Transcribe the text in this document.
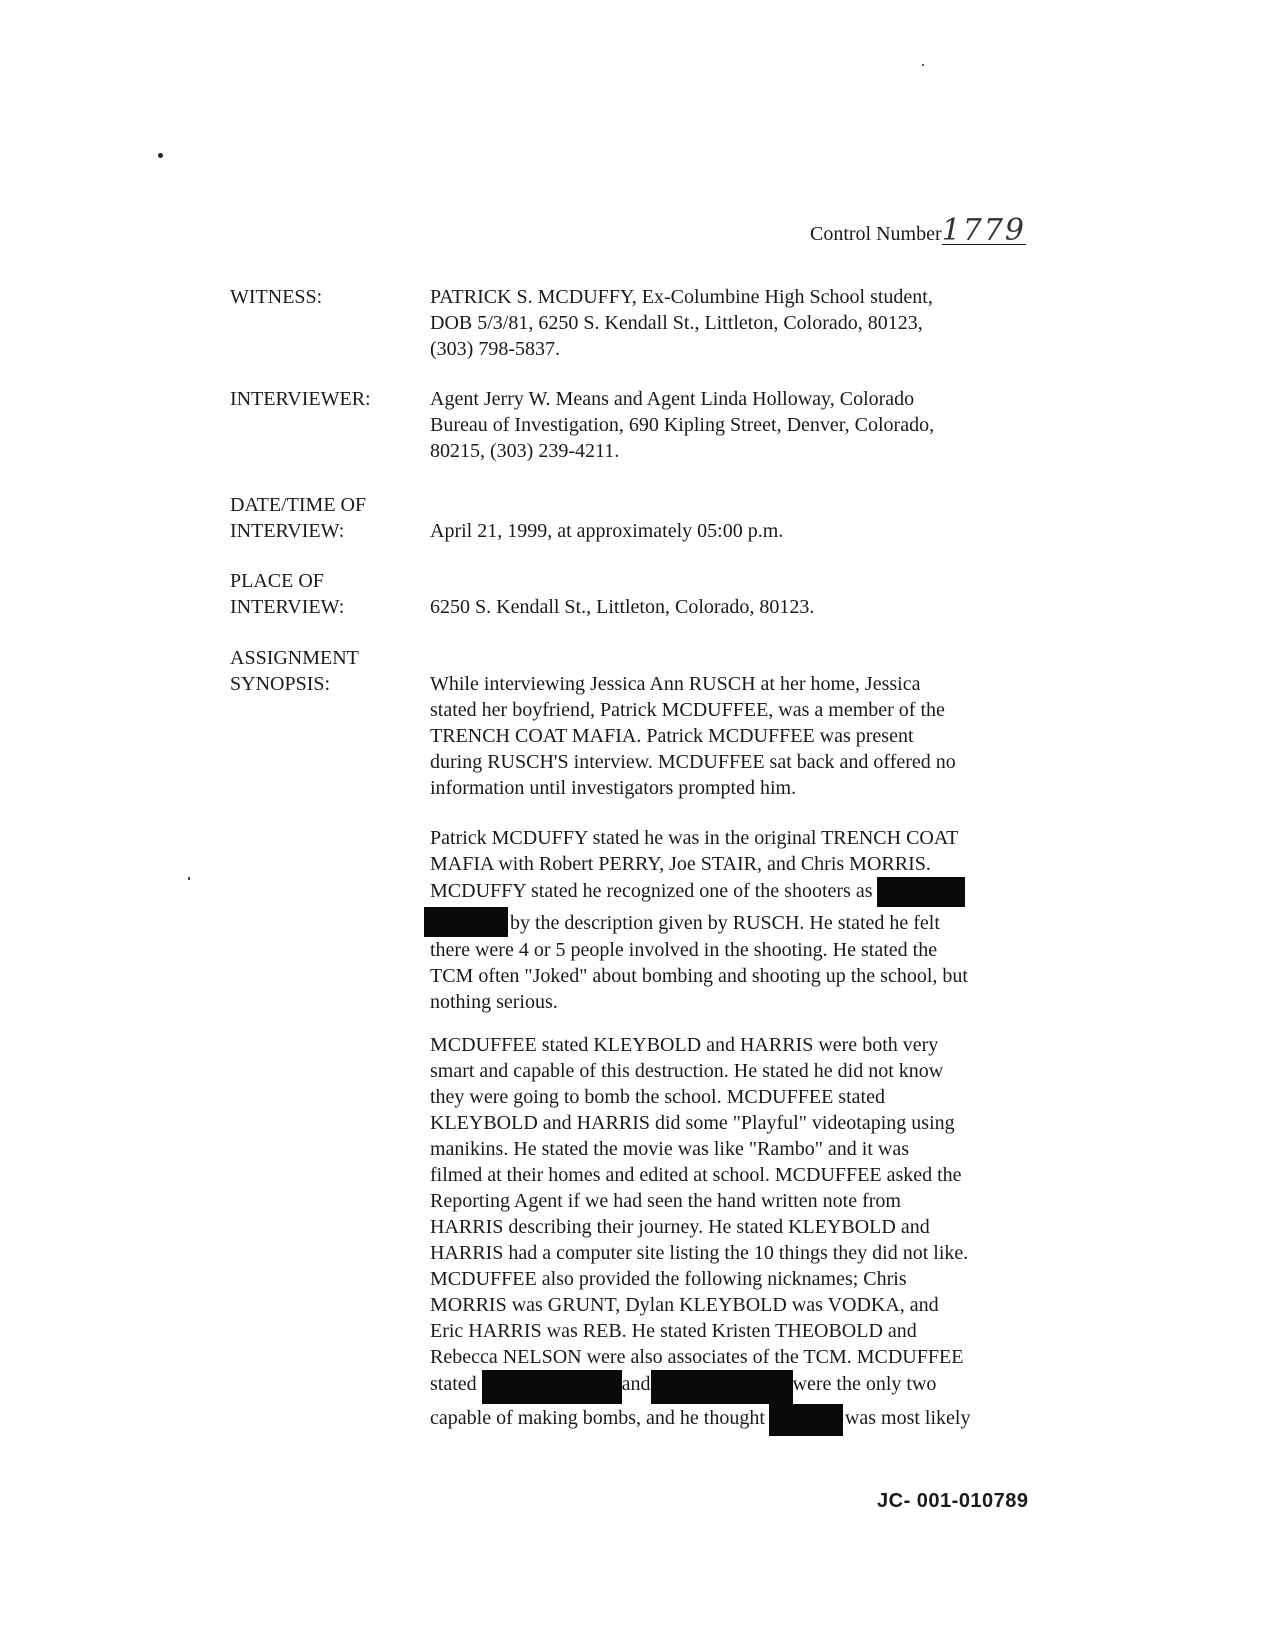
Control Number1779
WITNESS:	PATRICK S. MCDUFFY, Ex-Columbine High School student,
DOB 5/3/81, 6250 S. Kendall St., Littleton, Colorado, 80123,
(303) 798-5837.
INTERVIEWER:	Agent Jerry W. Means and Agent Linda Holloway, Colorado
Bureau of Investigation, 690 Kipling Street, Denver, Colorado,
80215, (303) 239-4211.
DATE/TIME OF
INTERVIEW:	April 21, 1999, at approximately 05:00 p.m.
PLACE OF
INTERVIEW:	6250 S. Kendall St., Littleton, Colorado, 80123.
ASSIGNMENT
SYNOPSIS:	While interviewing Jessica Ann RUSCH at her home, Jessica
stated her boyfriend, Patrick MCDUFFEE, was a member of the
TRENCH COAT MAFIA. Patrick MCDUFFEE was present
during RUSCH'S interview. MCDUFFEE sat back and offered no
information until investigators prompted him.
Patrick MCDUFFY stated he was in the original TRENCH COAT
MAFIA with Robert PERRY, Joe STAIR, and Chris MORRIS.
MCDUFFY stated he recognized one of the shooters as
by the description given by RUSCH. He stated he felt
there were 4 or 5 people involved in the shooting. He stated the
TCM often "Joked" about bombing and shooting up the school, but
nothing serious.
MCDUFFEE stated KLEYBOLD and HARRIS were both very
smart and capable of this destruction. He stated he did not know
they were going to bomb the school. MCDUFFEE stated
KLEYBOLD and HARRIS did some "Playful" videotaping using
manikins. He stated the movie was like "Rambo" and it was
filmed at their homes and edited at school. MCDUFFEE asked the
Reporting Agent if we had seen the hand written note from
HARRIS describing their journey. He stated KLEYBOLD and
HARRIS had a computer site listing the 10 things they did not like.
MCDUFFEE also provided the following nicknames; Chris
MORRIS was GRUNT, Dylan KLEYBOLD was VODKA, and
Eric HARRIS was REB. He stated Kristen THEOBOLD and
Rebecca NELSON were also associates of the TCM. MCDUFFEE
stated	and	were the only two
capable of making bombs, and he thought	was most likely
JC- 001-010789
